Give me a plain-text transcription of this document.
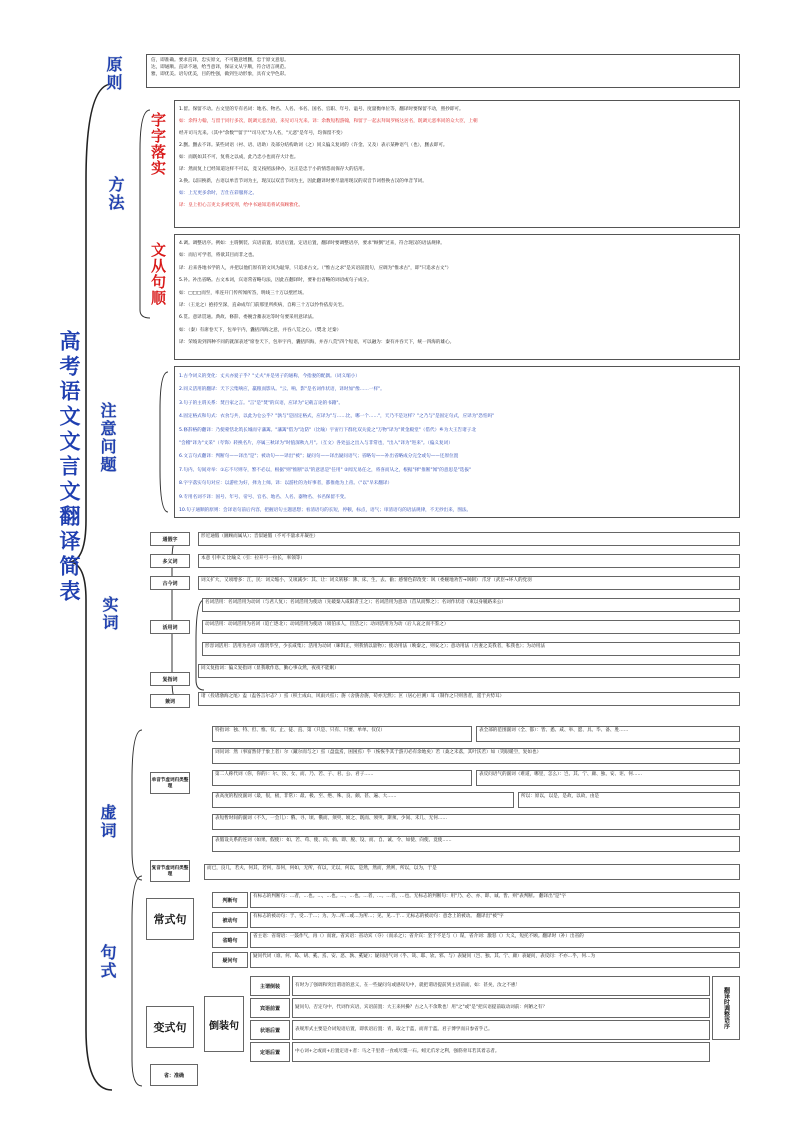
高考语文文言文翻译简表
原则
方法
注意问题
实词
虚词
句式
字字落实
文从句顺
信，即准确。要求直译，忠实原文，不可随意增删，忠于原文意思。
达，即通顺。直译不通，给当意译，保证文从字顺，符合语言规范。
雅，即优美。语句优美，目的性强，做到生动形象，具有文学色彩。
1.留。保留不动。古文里的专有名词：地名、物名、人名、书名、国名、官职、年号、谥号、度量衡单位等，翻译时要保留不动，照抄即可。
如：余得力翰，与留于同行多次，既调元恶出庭，来见司马光来。译：余数短程游翰，和留于一起去拜谒罗杨这居名，既调元恶率同的众大臣，上朝
经开司马光来。（其中"余数""留于""司马光"为人名，"元恶"是年号，均保留不变）
2.删。删去不译。某些词语（衬、语、语助）及部分结构助词（之）同义偏义复词的（许金、又及）表示某种语气（也），删去即可。
如：而既如其不可，复将之以成，此乃忠小也而存大计也。
译：然而复上已经知道这样不可以，竟又按照法律办，这正是忠于小的情怨而保存大的信用。
3.换。以旧换新，古语以单音节词为主，现汉以双音节词为主，因此翻译时要尽量用现汉的双音节词替换古汉的单音节词。
如：上无更多余时，吉仕在彩服将之。
译：皇上担心言吏太多被受刑，给中书通知追将试探顾雅化。
4.调。调整语序。例如：主谓倒装、宾语前置、状语后置、定语后置，翻译时要调整语序，要求"顾倒"过来，符合现汉的语法规律。
如：而后可学者，将欲其目而非之也。
译：后来各地书学的人，并把以他们原有的文风为耻辱，只追求古文。（"惟古之求"是宾语前置句，应调为"惟求古"，即"只追求古文"）
5.补。补出省略。古文本词，宾语常省略句法，因此在翻译时，要补出省略的词语或句子成分。
如：□□□而至，率连开门传所闻所答，明线三十万以壁匠场。
译：（王龙之）抱持至深，直命成年门前那里所疾病，自称三十万以怜怜依房关宅。
6.贯。意译贯通。典故、修辞、委婉含蓄表达等时句要采用意译法。
如：（秦）有席卷天下，包举宇内，囊括四海之意，并吞八荒之心。（樊北 过秦）
译：荣坡说到四种不同的就深表述"席卷天下，包举宇内，囊括四海，并吞八荒"四个短语，可以融为：秦有并吞天下，统一四海的雄心。
1.古今词义的变化：丈夫亦爱子乎？"丈夫"并是男子的通称，今指妻的配偶。（词义缩小）
2.同义活用的翻译：天下云集响应，赢粮而影从。"云、响、影"是名词作状语，译时加"像……一样"。
3.句子的主谓关系：焚百家之言。"言"是"焚"的宾语，应译为"记载言论的书籍"。
4.固定格式和句式：衣食与共，以此为仓公乎？"孰与"是固定格式，应译为"与……比，哪一个……"，天乃不是这样？"之乃与"是固定句式，应译为"恐怕吗"
5.修辞格的翻译：乃使蒙恬北筑长城而守藩篱。"藩篱"借为"边防"（比喻）宇宙行下群化双关爱之"万物"译为"黄金殿堂"（借代）乡为大王告诸子北
"会稽"译为"文采"（夸饰）转换名片，序属三秋译为"时值深秋九月"。（互文）各处虽之出入与非常也，"出入"译为"进来"。（偏义复词）
6.文言句式翻译：判断句——译出"是"；被动句——译出"被"；疑问句——译出疑问语气；省略句——补出省略成分完全或句——还原位置
7.句内、句间对举：①忘不尽则夺，繁不必以，根据"则"推断"以"的意思是"任用" ②闻无易任之，将喜而从之，根据"择"推断"闻"的意思是"选拔"
8.字字落实句句对应：以游杜为好，择为上师。译：以游杜的为好事者，都推他为上帝。（"以"早未翻译）
9.专用名词不译：国号、年号、帝号、官名、地名、人名、器物名、书名保留不变。
10.句子通顺的原则：会译语句前后内容，把握语句主题思想；看清语句的长短，停顿，标点，语气；审清语句的语法规律，不无抄出来，图法。
通假字	形近通假（圜顾而属从）；音似通假（不可不量求开凝往）
多义词	本意 引申义 比喻义（引：拉开弓一拉长，率领等）
古今词	词义扩大，又项增多：江，民：词义缩小，又项减少：其、让：词义转移：沸、床、生、去、偷；感情色彩改变：讽（委婉地劝告→讽刺） 爪牙（武臣→坏人的党羽
活用词
名词活用：名词活用为动词（与君人复）；名词活用为使动（先破秦入咸阳者王之）；名词活用为意动（首从而弊之）；名词作状语（束以身履路来公）
动词活用：动词活用为名词（追亡逐北）；动词活用为使动（项伯杀人，臣活之）；动词活用为为动（后人哀之而不鉴之）
形容词活用：活用为名词（群贤毕至，少长咸集）；活用为动词（咪饵正，则我情以量物）；使动用法（映秦之，则安之）；意动用法（吾妻之美我者，私我也）；为动用法
复指词
同义复指词：偏义复指词（显我歌作息，勤心事众然，夜夜不能眠）
兼词
诸（投诸渤海之尾）盍（盍各言尔志？）焉（积土成山，风雨兴焉）；旃（舍旃舍旃，苟亦无然）；叵（居心叵测）耳（制作之只则善者，遥于兵势耳）
单音节虚词归类整理
特指词：独、特、但、惟、仅、止、徒、直、第（只是、只有、只要、单单、仅仅）	表全部的范围副词（全、都）：皆、悉、咸、举、愿、具、毕、备、胜……
词问词：然（事富然待于象上者）尔（蹴尔而与之）焉（盘盘焉，困困焉）乎（恢恢乎其于游刃必有余地矣）若（桑之未落，其叶沃若）如（笑眼暖空，复如也）
第二人称代词（你，你的）：尔、汝、女、而、乃、若、子、君、公、君子……	表反问语气的副词（难道，哪里，怎么）：岂、其、宁、庸、独、安、讵、何……
表高度的程度副词（最，很，极，非常）：最、极、至、绝、殊、良、颇、甚、遍、大……	所以：原以，以是，是故，以故，由是
表短暂时间的副词（不久，一会儿）：俄、寻、顷、俄而、须臾、顷之、既而、须臾、斯须、少间、未几、无何……
表假设关系的连词（如果、假使）：如、若、苟、使、向、倘、即、脱、设、而、自、诚、令、如使、向使、竟使……
复音节虚词归类整理
而已，良几，若夫，何其，若何，奈何，何如，无所，有以，无以，何以，是然，然而，然则，所以，以为，于是
常式句
判断句
有标志的判断句：…者，…也。…，…也。…，…也。…者，…。…者，…也。无标志的判断句：用"乃、必、亦、即、诚、皆、则"表判断。 翻译出"是"字
被动句
有标志的被动句：于、受…于…；为、为…所…或…为所…；见、见…于… 无标志的被动句：意念上的被动。 翻译出"被"字
省略句
省主语：省谓语：一鼓作气，再（）而衰。省宾语：省动宾（夺）（而杀之）；省介宾：坚于不足与（）谋，省介词：激怒（）大义，短托不顾。翻译时（补）出省的
疑问句
疑问代词（谁、何、曷、胡、奚、焉、安、恶、孰、奚疑）；疑问语气词（乎、哉、耶、欤、邪、与）表疑问（岂、独、其、宁、庸）表疑问，表反问：不亦…乎，何…为
变式句	倒装句
主谓倒装	有时为了强调和突出谓语的意义，在一些疑问句或感叹句中，就把谓语提前到主语前面，如：甚矣，汝之不惠！
宾语前置	疑问句、否定句中，代词作宾语，宾语前置：大王来何操？古之人不余欺也！用"之"或"是"把宾语提前取动词前：何陋之有？
状语后置	表规形式主要是介词短语后置，即状语后置：青，取之于蓝，而青于蓝。君子博学而日参省乎己。
定语后置	中心词+之或而+后置定语+者：马之千里者一食或尽粟一石。蚓无爪牙之利，强筋骨耳若其着志者。
翻译时调整语序
省：准确
